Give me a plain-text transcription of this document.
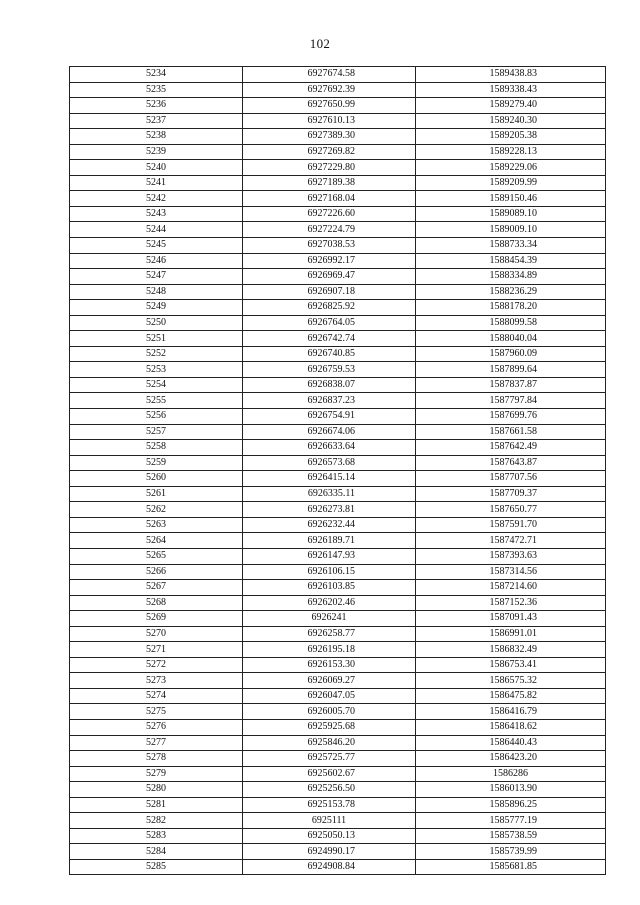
102
5234	6927674.58	1589438.83
5235	6927692.39	1589338.43
5236	6927650.99	1589279.40
5237	6927610.13	1589240.30
5238	6927389.30	1589205.38
5239	6927269.82	1589228.13
5240	6927229.80	1589229.06
5241	6927189.38	1589209.99
5242	6927168.04	1589150.46
5243	6927226.60	1589089.10
5244	6927224.79	1589009.10
5245	6927038.53	1588733.34
5246	6926992.17	1588454.39
5247	6926969.47	1588334.89
5248	6926907.18	1588236.29
5249	6926825.92	1588178.20
5250	6926764.05	1588099.58
5251	6926742.74	1588040.04
5252	6926740.85	1587960.09
5253	6926759.53	1587899.64
5254	6926838.07	1587837.87
5255	6926837.23	1587797.84
5256	6926754.91	1587699.76
5257	6926674.06	1587661.58
5258	6926633.64	1587642.49
5259	6926573.68	1587643.87
5260	6926415.14	1587707.56
5261	6926335.11	1587709.37
5262	6926273.81	1587650.77
5263	6926232.44	1587591.70
5264	6926189.71	1587472.71
5265	6926147.93	1587393.63
5266	6926106.15	1587314.56
5267	6926103.85	1587214.60
5268	6926202.46	1587152.36
5269	6926241	1587091.43
5270	6926258.77	1586991.01
5271	6926195.18	1586832.49
5272	6926153.30	1586753.41
5273	6926069.27	1586575.32
5274	6926047.05	1586475.82
5275	6926005.70	1586416.79
5276	6925925.68	1586418.62
5277	6925846.20	1586440.43
5278	6925725.77	1586423.20
5279	6925602.67	1586286
5280	6925256.50	1586013.90
5281	6925153.78	1585896.25
5282	6925111	1585777.19
5283	6925050.13	1585738.59
5284	6924990.17	1585739.99
5285	6924908.84	1585681.85
